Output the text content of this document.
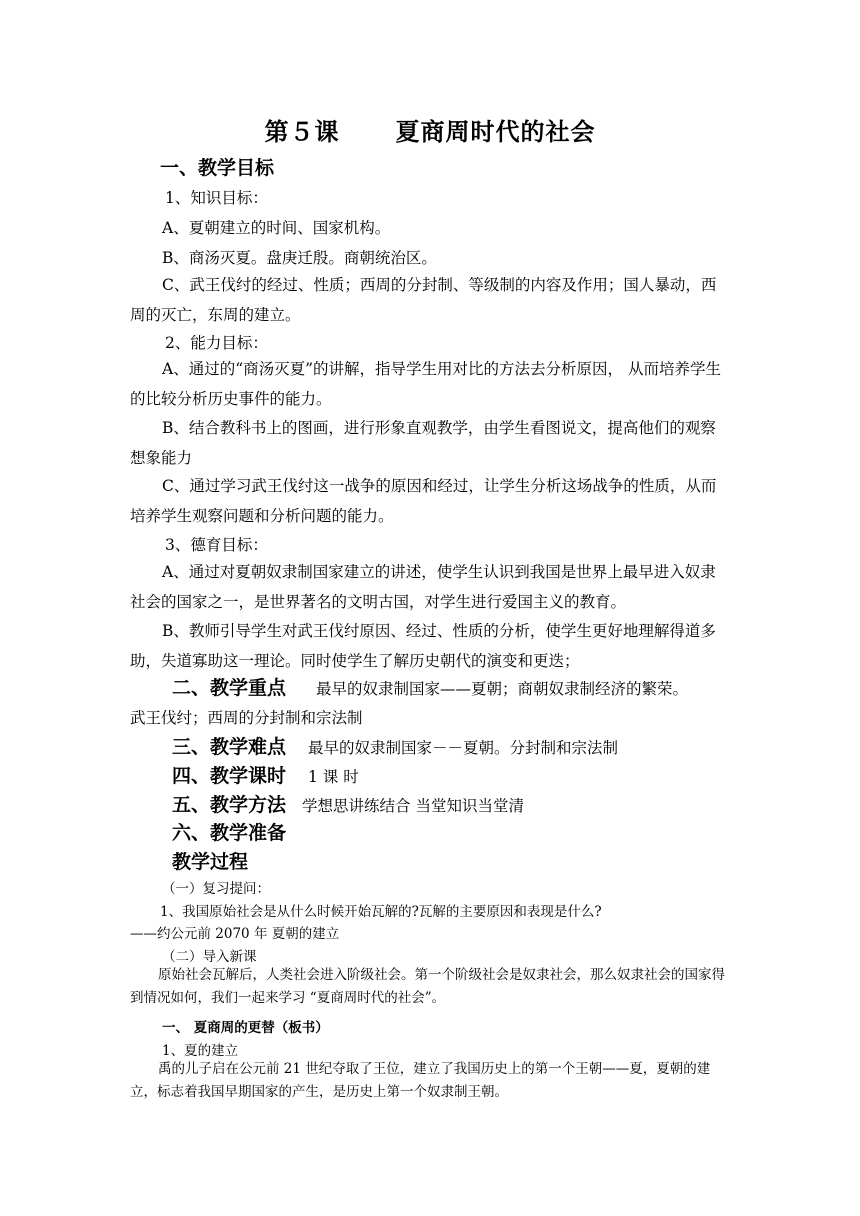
第５课 夏商周时代的社会
一、教学目标
1、知识目标：
A、夏朝建立的时间、国家机构。
B、商汤灭夏。盘庚迁殷。商朝统治区。
C、武王伐纣的经过、性质；西周的分封制、等级制的内容及作用；国人暴动，西周的灭亡，东周的建立。
2、能力目标：
A、通过的“商汤灭夏”的讲解，指导学生用对比的方法去分析原因， 从而培养学生的比较分析历史事件的能力。
B、结合教科书上的图画，进行形象直观教学，由学生看图说文，提高他们的观察想象能力
C、通过学习武王伐纣这一战争的原因和经过，让学生分析这场战争的性质，从而培养学生观察问题和分析问题的能力。
3、德育目标：
A、通过对夏朝奴隶制国家建立的讲述，使学生认识到我国是世界上最早进入奴隶社会的国家之一，是世界著名的文明古国，对学生进行爱国主义的教育。
B、教师引导学生对武王伐纣原因、经过、性质的分析，使学生更好地理解得道多助，失道寡助这一理论。同时使学生了解历史朝代的演变和更迭；
二、教学重点 最早的奴隶制国家——夏朝；商朝奴隶制经济的繁荣。
武王伐纣；西周的分封制和宗法制
三、教学难点 最早的奴隶制国家－－夏朝。分封制和宗法制
四、教学课时 1 课 时
五、教学方法 学想思讲练结合 当堂知识当堂清
六、教学准备
教学过程
（一）复习提问：
1、我国原始社会是从什么时候开始瓦解的?瓦解的主要原因和表现是什么?
——约公元前 2070 年 夏朝的建立
（二）导入新课
原始社会瓦解后，人类社会进入阶级社会。第一个阶级社会是奴隶社会，那么奴隶社会的国家得到情况如何，我们一起来学习 “夏商周时代的社会”。
一、 夏商周的更替（板书）
1、夏的建立
禹的儿子启在公元前 21 世纪夺取了王位，建立了我国历史上的第一个王朝——夏，夏朝的建立，标志着我国早期国家的产生，是历史上第一个奴隶制王朝。
